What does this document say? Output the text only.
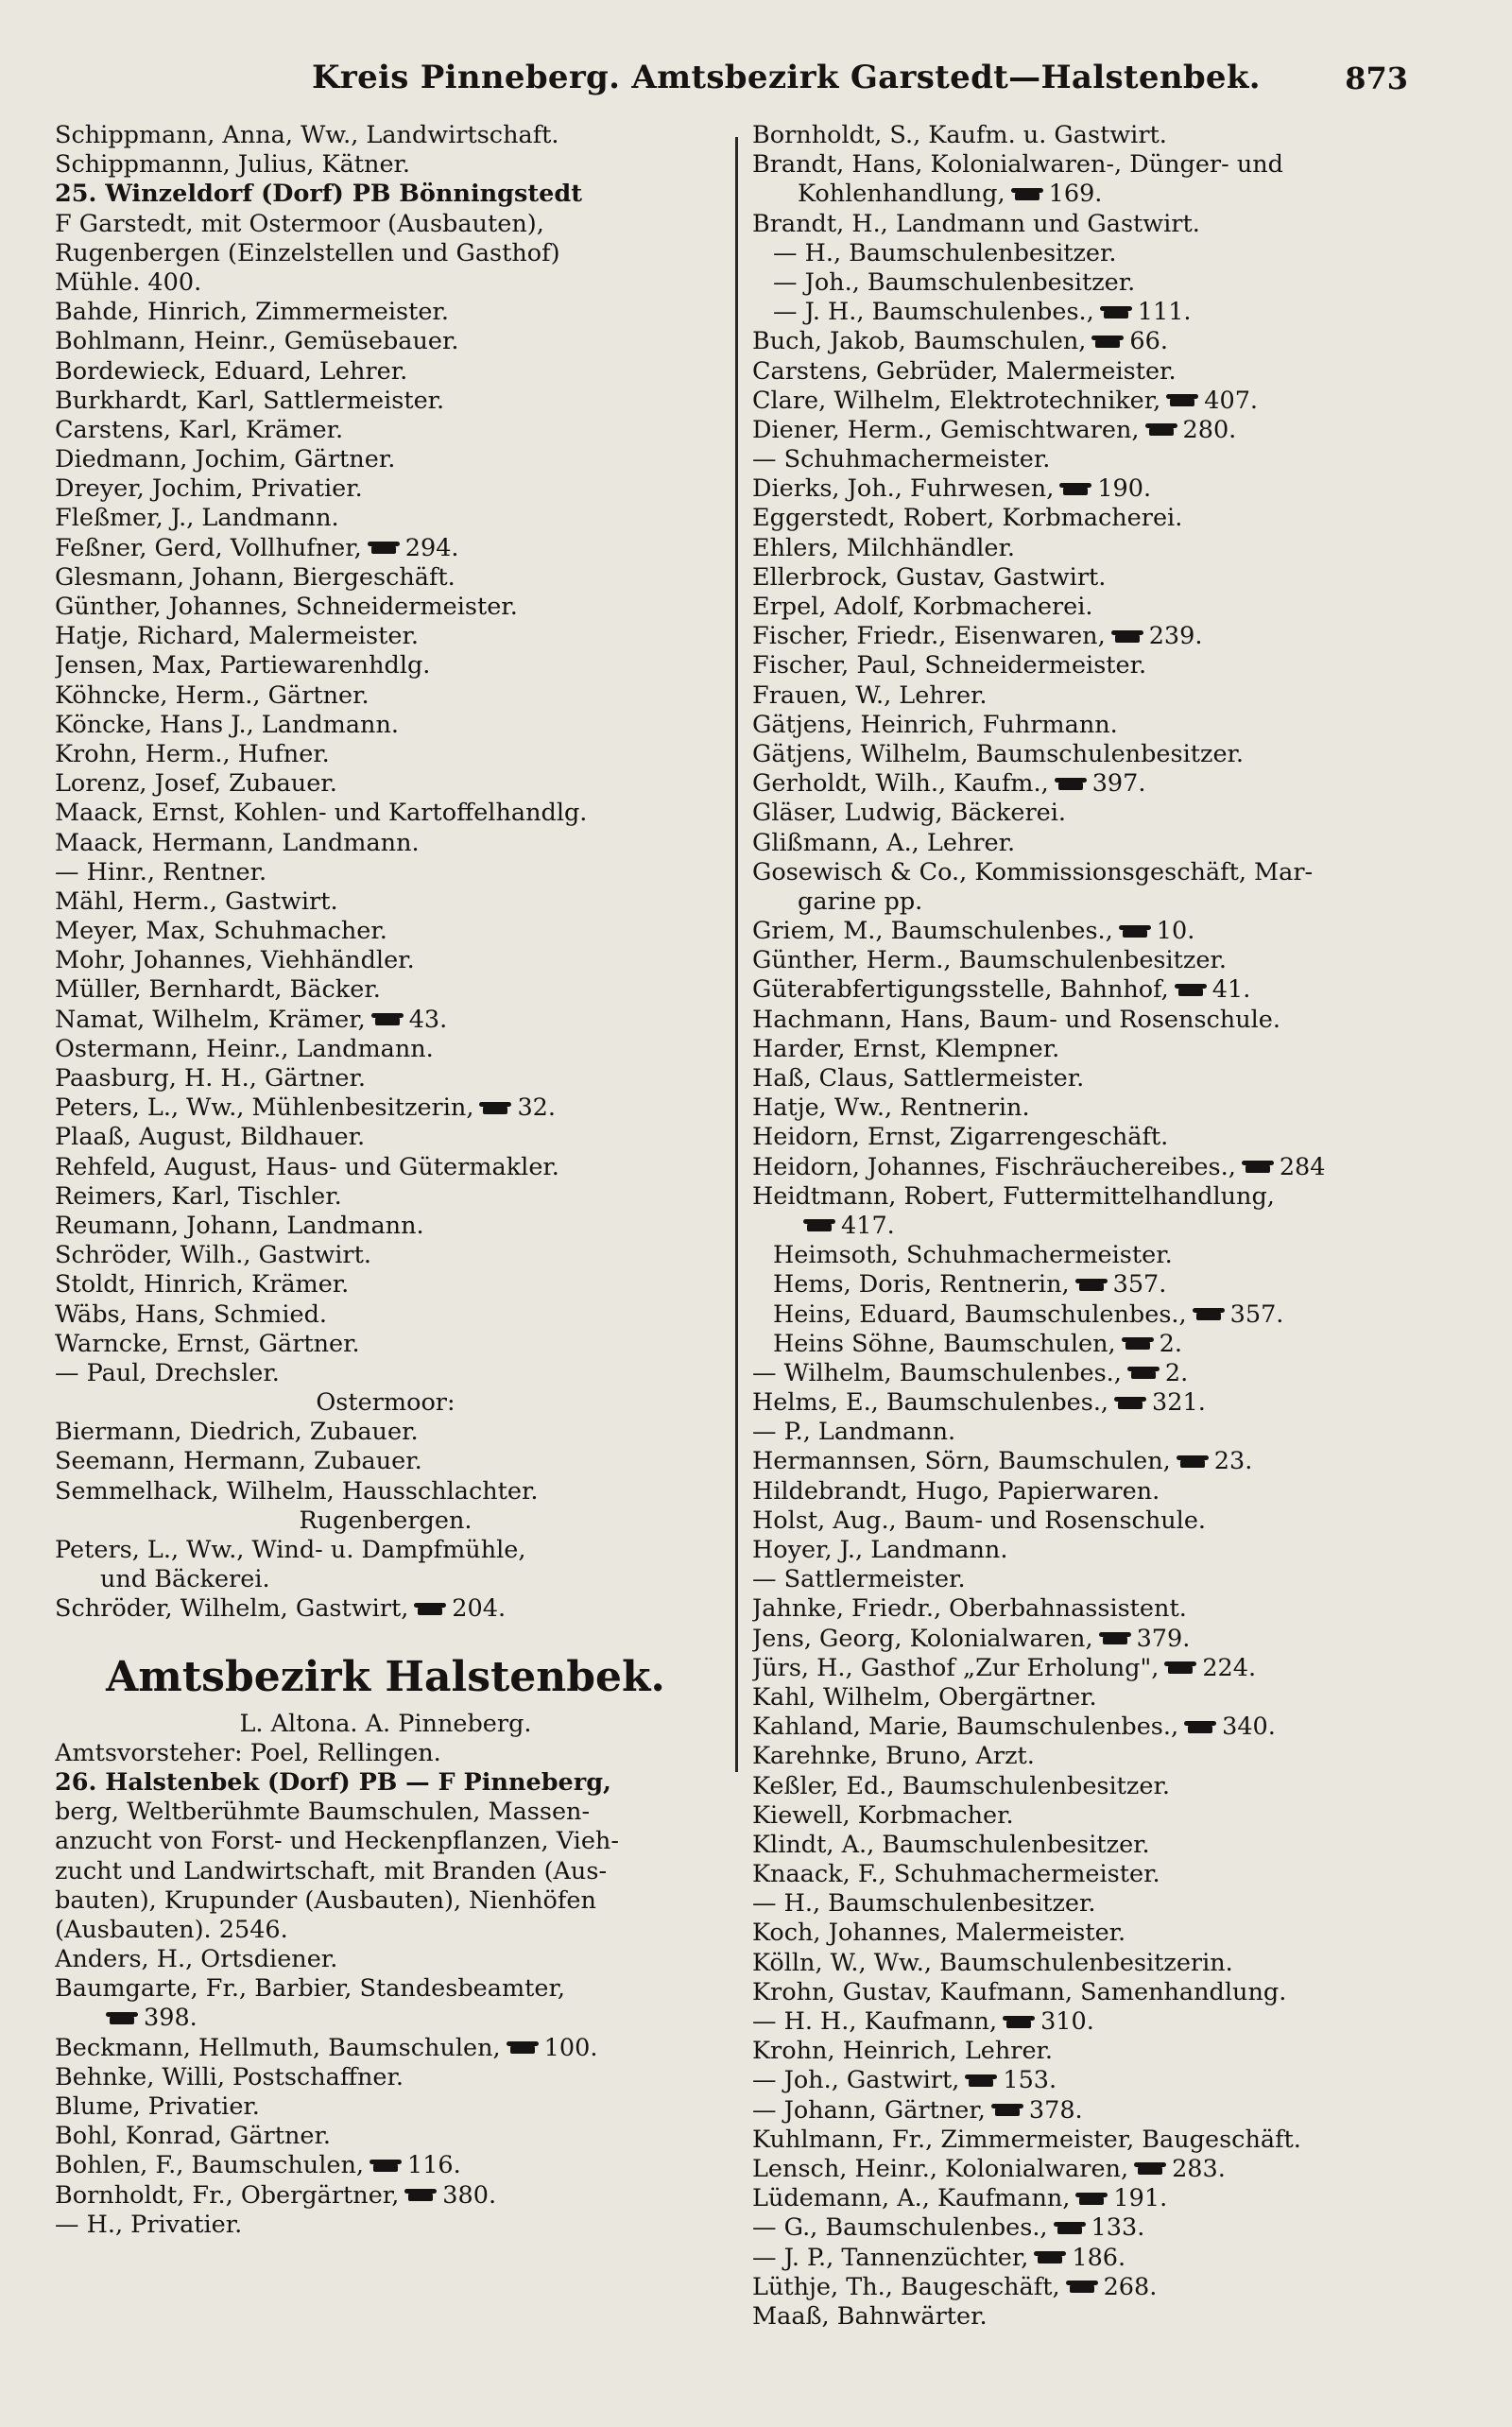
Kreis Pinneberg. Amtsbezirk Garstedt—Halstenbek.	873
Schippmann, Anna, Ww., Landwirtschaft.
Schippmannn, Julius, Kätner.
25. Winzeldorf (Dorf) PB Bönningstedt
F Garstedt, mit Ostermoor (Ausbauten),
Rugenbergen (Einzelstellen und Gasthof)
Mühle. 400.
Bahde, Hinrich, Zimmermeister.
Bohlmann, Heinr., Gemüsebauer.
Bordewieck, Eduard, Lehrer.
Burkhardt, Karl, Sattlermeister.
Carstens, Karl, Krämer.
Diedmann, Jochim, Gärtner.
Dreyer, Jochim, Privatier.
Fleßmer, J., Landmann.
Feßner, Gerd, Vollhufner, 294.
Glesmann, Johann, Biergeschäft.
Günther, Johannes, Schneidermeister.
Hatje, Richard, Malermeister.
Jensen, Max, Partiewarenhdlg.
Köhncke, Herm., Gärtner.
Köncke, Hans J., Landmann.
Krohn, Herm., Hufner.
Lorenz, Josef, Zubauer.
Maack, Ernst, Kohlen- und Kartoffelhandlg.
Maack, Hermann, Landmann.
— Hinr., Rentner.
Mähl, Herm., Gastwirt.
Meyer, Max, Schuhmacher.
Mohr, Johannes, Viehhändler.
Müller, Bernhardt, Bäcker.
Namat, Wilhelm, Krämer, 43.
Ostermann, Heinr., Landmann.
Paasburg, H. H., Gärtner.
Peters, L., Ww., Mühlenbesitzerin, 32.
Plaaß, August, Bildhauer.
Rehfeld, August, Haus- und Gütermakler.
Reimers, Karl, Tischler.
Reumann, Johann, Landmann.
Schröder, Wilh., Gastwirt.
Stoldt, Hinrich, Krämer.
Wäbs, Hans, Schmied.
Warncke, Ernst, Gärtner.
— Paul, Drechsler.
Ostermoor:
Biermann, Diedrich, Zubauer.
Seemann, Hermann, Zubauer.
Semmelhack, Wilhelm, Hausschlachter.
Rugenbergen.
Peters, L., Ww., Wind- u. Dampfmühle,
und Bäckerei.
Schröder, Wilhelm, Gastwirt, 204.
Amtsbezirk Halstenbek.
L. Altona. A. Pinneberg.
Amtsvorsteher: Poel, Rellingen.
26. Halstenbek (Dorf) PB — F Pinneberg,
berg, Weltberühmte Baumschulen, Massen-
anzucht von Forst- und Heckenpflanzen, Vieh-
zucht und Landwirtschaft, mit Branden (Aus-
bauten), Krupunder (Ausbauten), Nienhöfen
(Ausbauten). 2546.
Anders, H., Ortsdiener.
Baumgarte, Fr., Barbier, Standesbeamter,
398.
Beckmann, Hellmuth, Baumschulen, 100.
Behnke, Willi, Postschaffner.
Blume, Privatier.
Bohl, Konrad, Gärtner.
Bohlen, F., Baumschulen, 116.
Bornholdt, Fr., Obergärtner, 380.
— H., Privatier.
Bornholdt, S., Kaufm. u. Gastwirt.
Brandt, Hans, Kolonialwaren-, Dünger- und
Kohlenhandlung, 169.
Brandt, H., Landmann und Gastwirt.
— H., Baumschulenbesitzer.
— Joh., Baumschulenbesitzer.
— J. H., Baumschulenbes., 111.
Buch, Jakob, Baumschulen, 66.
Carstens, Gebrüder, Malermeister.
Clare, Wilhelm, Elektrotechniker, 407.
Diener, Herm., Gemischtwaren, 280.
— Schuhmachermeister.
Dierks, Joh., Fuhrwesen, 190.
Eggerstedt, Robert, Korbmacherei.
Ehlers, Milchhändler.
Ellerbrock, Gustav, Gastwirt.
Erpel, Adolf, Korbmacherei.
Fischer, Friedr., Eisenwaren, 239.
Fischer, Paul, Schneidermeister.
Frauen, W., Lehrer.
Gätjens, Heinrich, Fuhrmann.
Gätjens, Wilhelm, Baumschulenbesitzer.
Gerholdt, Wilh., Kaufm., 397.
Gläser, Ludwig, Bäckerei.
Glißmann, A., Lehrer.
Gosewisch & Co., Kommissionsgeschäft, Mar-
garine pp.
Griem, M., Baumschulenbes., 10.
Günther, Herm., Baumschulenbesitzer.
Güterabfertigungsstelle, Bahnhof, 41.
Hachmann, Hans, Baum- und Rosenschule.
Harder, Ernst, Klempner.
Haß, Claus, Sattlermeister.
Hatje, Ww., Rentnerin.
Heidorn, Ernst, Zigarrengeschäft.
Heidorn, Johannes, Fischräuchereibes., 284
Heidtmann, Robert, Futtermittelhandlung,
417.
Heimsoth, Schuhmachermeister.
Hems, Doris, Rentnerin, 357.
Heins, Eduard, Baumschulenbes., 357.
Heins Söhne, Baumschulen, 2.
— Wilhelm, Baumschulenbes., 2.
Helms, E., Baumschulenbes., 321.
— P., Landmann.
Hermannsen, Sörn, Baumschulen, 23.
Hildebrandt, Hugo, Papierwaren.
Holst, Aug., Baum- und Rosenschule.
Hoyer, J., Landmann.
— Sattlermeister.
Jahnke, Friedr., Oberbahnassistent.
Jens, Georg, Kolonialwaren, 379.
Jürs, H., Gasthof „Zur Erholung", 224.
Kahl, Wilhelm, Obergärtner.
Kahland, Marie, Baumschulenbes., 340.
Karehnke, Bruno, Arzt.
Keßler, Ed., Baumschulenbesitzer.
Kiewell, Korbmacher.
Klindt, A., Baumschulenbesitzer.
Knaack, F., Schuhmachermeister.
— H., Baumschulenbesitzer.
Koch, Johannes, Malermeister.
Kölln, W., Ww., Baumschulenbesitzerin.
Krohn, Gustav, Kaufmann, Samenhandlung.
— H. H., Kaufmann, 310.
Krohn, Heinrich, Lehrer.
— Joh., Gastwirt, 153.
— Johann, Gärtner, 378.
Kuhlmann, Fr., Zimmermeister, Baugeschäft.
Lensch, Heinr., Kolonialwaren, 283.
Lüdemann, A., Kaufmann, 191.
— G., Baumschulenbes., 133.
— J. P., Tannenzüchter, 186.
Lüthje, Th., Baugeschäft, 268.
Maaß, Bahnwärter.
